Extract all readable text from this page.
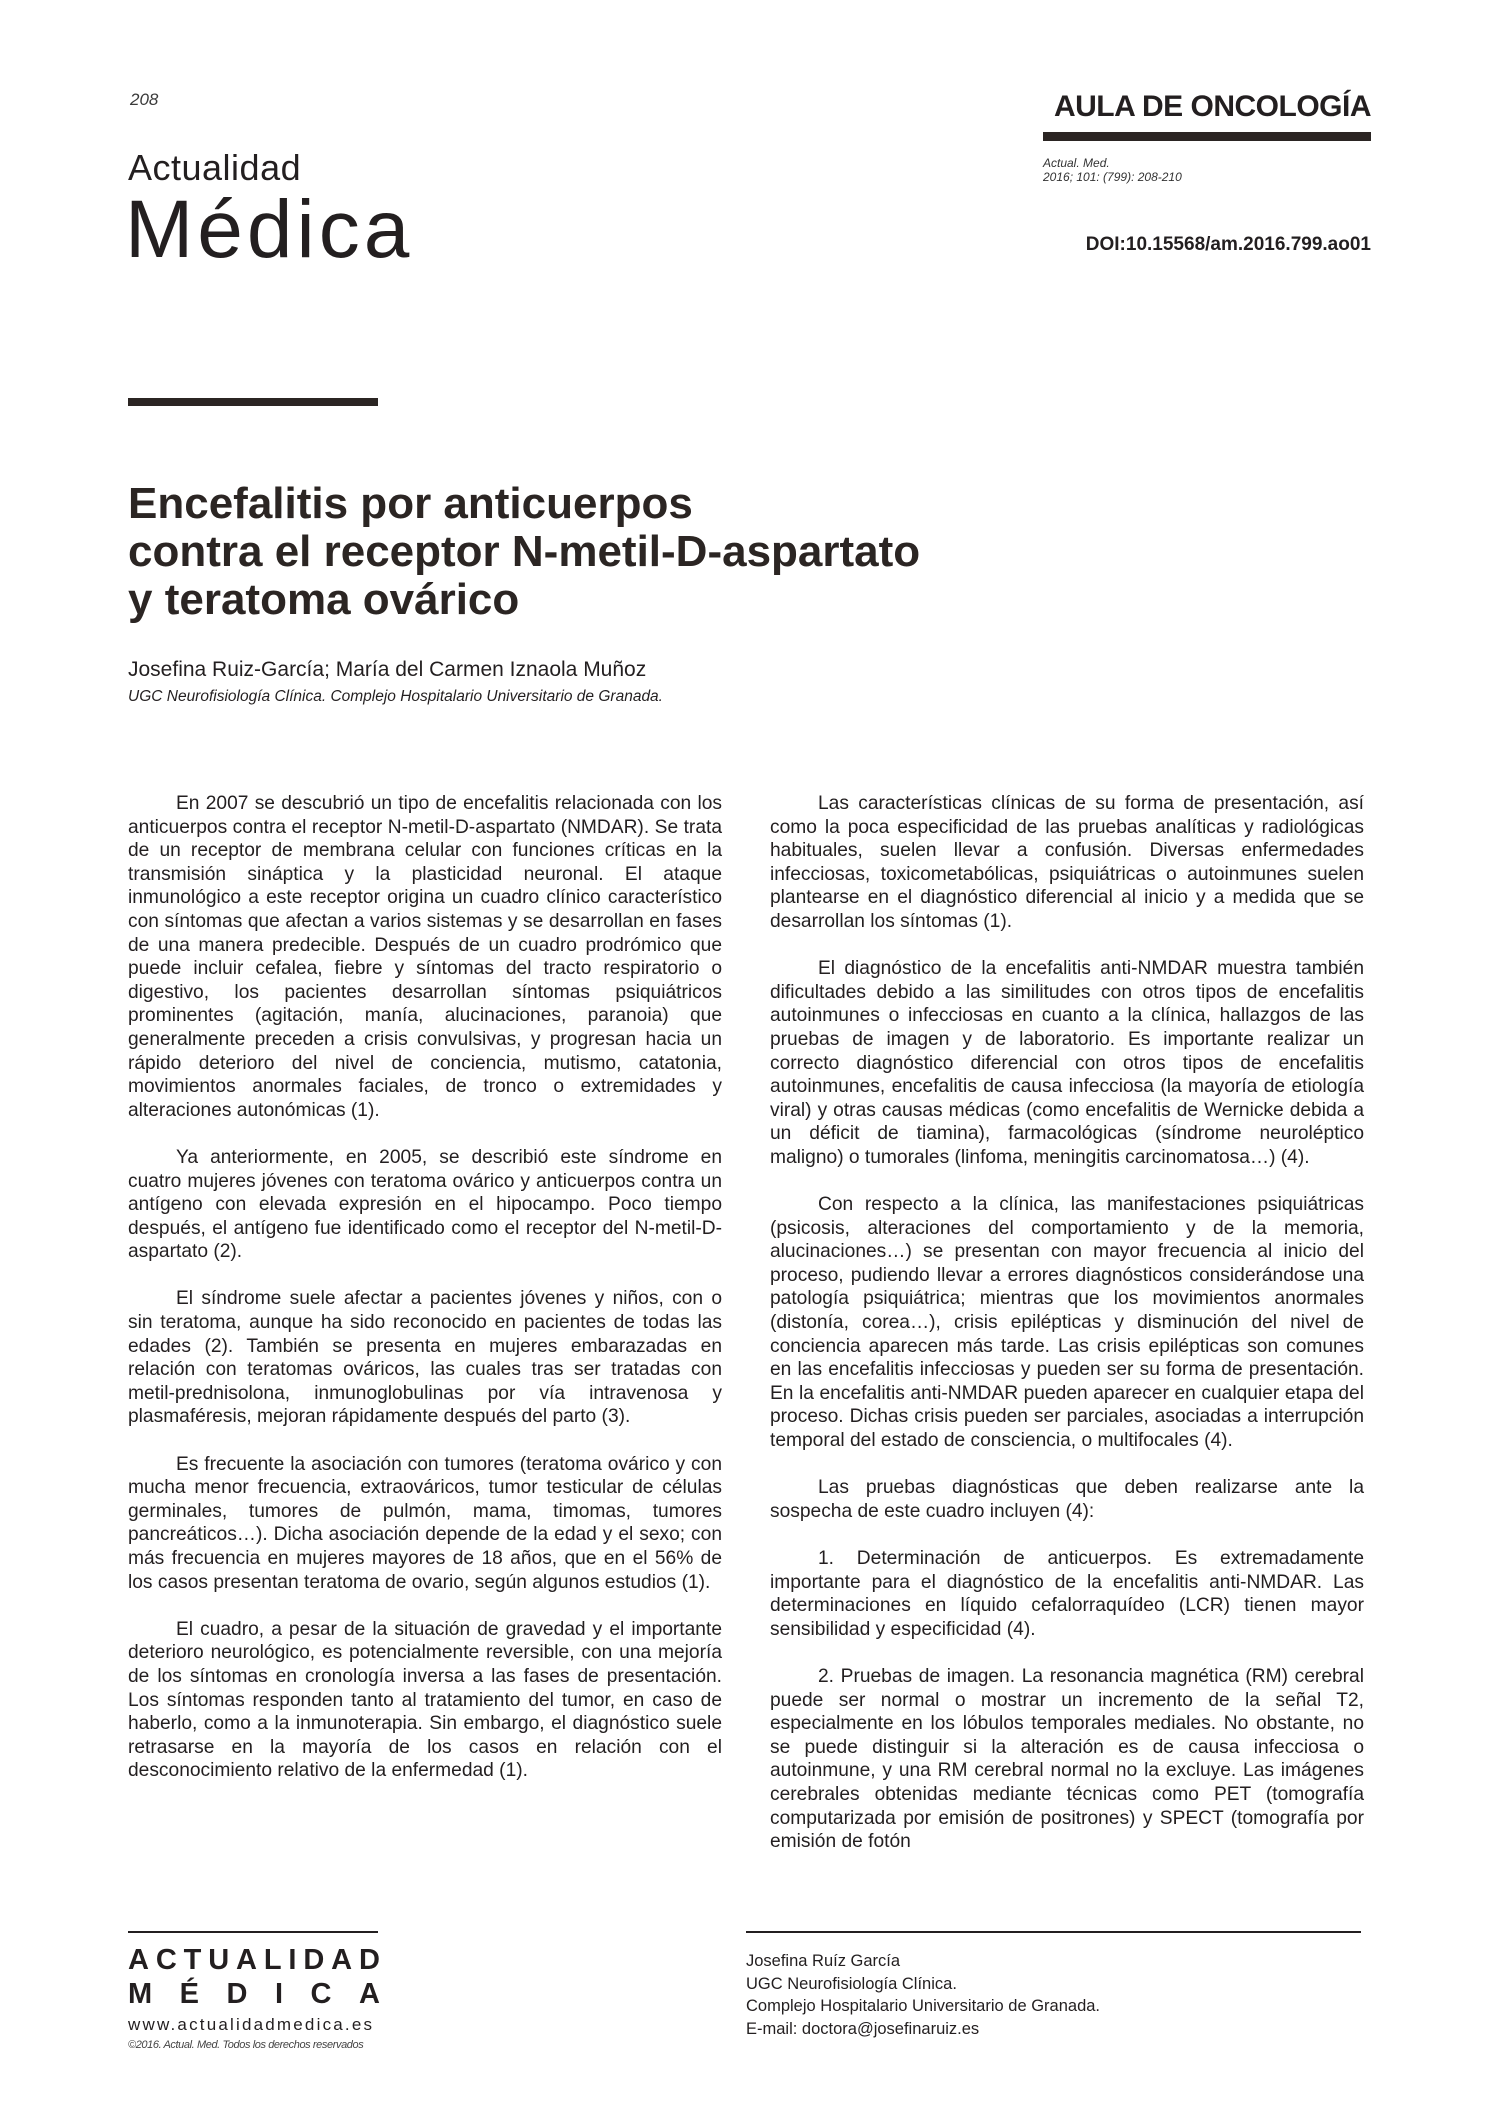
208
Actualidad
Médica
AULA DE ONCOLOGÍA
Actual. Med.
2016; 101: (799): 208-210
DOI:10.15568/am.2016.799.ao01
Encefalitis por anticuerpos
contra el receptor N-metil-D-aspartato
y teratoma ovárico
Josefina Ruiz-García; María del Carmen Iznaola Muñoz
UGC Neurofisiología Clínica. Complejo Hospitalario Universitario de Granada.

En 2007 se descubrió un tipo de encefalitis relacionada con los anticuerpos contra el receptor N-metil-D-aspartato (NMDAR). Se trata de un receptor de membrana celular con funciones críticas en la transmisión sináptica y la plasticidad neuronal. El ataque inmunológico a este receptor origina un cuadro clínico característico con síntomas que afectan a varios sistemas y se desarrollan en fases de una manera predecible. Después de un cuadro prodrómico que puede incluir cefalea, fiebre y síntomas del tracto respiratorio o digestivo, los pacientes desarrollan síntomas psiquiátricos prominentes (agitación, manía, alucinaciones, paranoia) que generalmente preceden a crisis convulsivas, y progresan hacia un rápido deterioro del nivel de conciencia, mutismo, catatonia, movimientos anormales faciales, de tronco o extremidades y alteraciones autonómicas (1).

Ya anteriormente, en 2005, se describió este síndrome en cuatro mujeres jóvenes con teratoma ovárico y anticuerpos contra un antígeno con elevada expresión en el hipocampo. Poco tiempo después, el antígeno fue identificado como el receptor del N-metil-D-aspartato (2).

El síndrome suele afectar a pacientes jóvenes y niños, con o sin teratoma, aunque ha sido reconocido en pacientes de todas las edades (2). También se presenta en mujeres embarazadas en relación con teratomas ováricos, las cuales tras ser tratadas con metil-prednisolona, inmunoglobulinas por vía intravenosa y plasmaféresis, mejoran rápidamente después del parto (3).

Es frecuente la asociación con tumores (teratoma ovárico y con mucha menor frecuencia, extraováricos, tumor testicular de células germinales, tumores de pulmón, mama, timomas, tumores pancreáticos…). Dicha asociación depende de la edad y el sexo; con más frecuencia en mujeres mayores de 18 años, que en el 56% de los casos presentan teratoma de ovario, según algunos estudios (1).

El cuadro, a pesar de la situación de gravedad y el importante deterioro neurológico, es potencialmente reversible, con una mejoría de los síntomas en cronología inversa a las fases de presentación. Los síntomas responden tanto al tratamiento del tumor, en caso de haberlo, como a la inmunoterapia. Sin embargo, el diagnóstico suele retrasarse en la mayoría de los casos en relación con el desconocimiento relativo de la enfermedad (1).

Las características clínicas de su forma de presentación, así como la poca especificidad de las pruebas analíticas y radiológicas habituales, suelen llevar a confusión. Diversas enfermedades infecciosas, toxicometabólicas, psiquiátricas o autoinmunes suelen plantearse en el diagnóstico diferencial al inicio y a medida que se desarrollan los síntomas (1).

El diagnóstico de la encefalitis anti-NMDAR muestra también dificultades debido a las similitudes con otros tipos de encefalitis autoinmunes o infecciosas en cuanto a la clínica, hallazgos de las pruebas de imagen y de laboratorio. Es importante realizar un correcto diagnóstico diferencial con otros tipos de encefalitis autoinmunes, encefalitis de causa infecciosa (la mayoría de etiología viral) y otras causas médicas (como encefalitis de Wernicke debida a un déficit de tiamina), farmacológicas (síndrome neuroléptico maligno) o tumorales (linfoma, meningitis carcinomatosa…) (4).

Con respecto a la clínica, las manifestaciones psiquiátricas (psicosis, alteraciones del comportamiento y de la memoria, alucinaciones…) se presentan con mayor frecuencia al inicio del proceso, pudiendo llevar a errores diagnósticos considerándose una patología psiquiátrica; mientras que los movimientos anormales (distonía, corea…), crisis epilépticas y disminución del nivel de conciencia aparecen más tarde. Las crisis epilépticas son comunes en las encefalitis infecciosas y pueden ser su forma de presentación. En la encefalitis anti-NMDAR pueden aparecer en cualquier etapa del proceso. Dichas crisis pueden ser parciales, asociadas a interrupción temporal del estado de consciencia, o multifocales (4).

Las pruebas diagnósticas que deben realizarse ante la sospecha de este cuadro incluyen (4):

1. Determinación de anticuerpos. Es extremadamente importante para el diagnóstico de la encefalitis anti-NMDAR. Las determinaciones en líquido cefalorraquídeo (LCR) tienen mayor sensibilidad y especificidad (4).

2. Pruebas de imagen. La resonancia magnética (RM) cerebral puede ser normal o mostrar un incremento de la señal T2, especialmente en los lóbulos temporales mediales. No obstante, no se puede distinguir si la alteración es de causa infecciosa o autoinmune, y una RM cerebral normal no la excluye. Las imágenes cerebrales obtenidas mediante técnicas como PET (tomografía computarizada por emisión de positrones) y SPECT (tomografía por emisión de fotón

A C T U A L I D A D
M É D I C A
www.actualidadmedica.es
©2016. Actual. Med. Todos los derechos reservados
Josefina Ruíz García
UGC Neurofisiología Clínica.
Complejo Hospitalario Universitario de Granada.
E-mail: doctora@josefinaruiz.es
